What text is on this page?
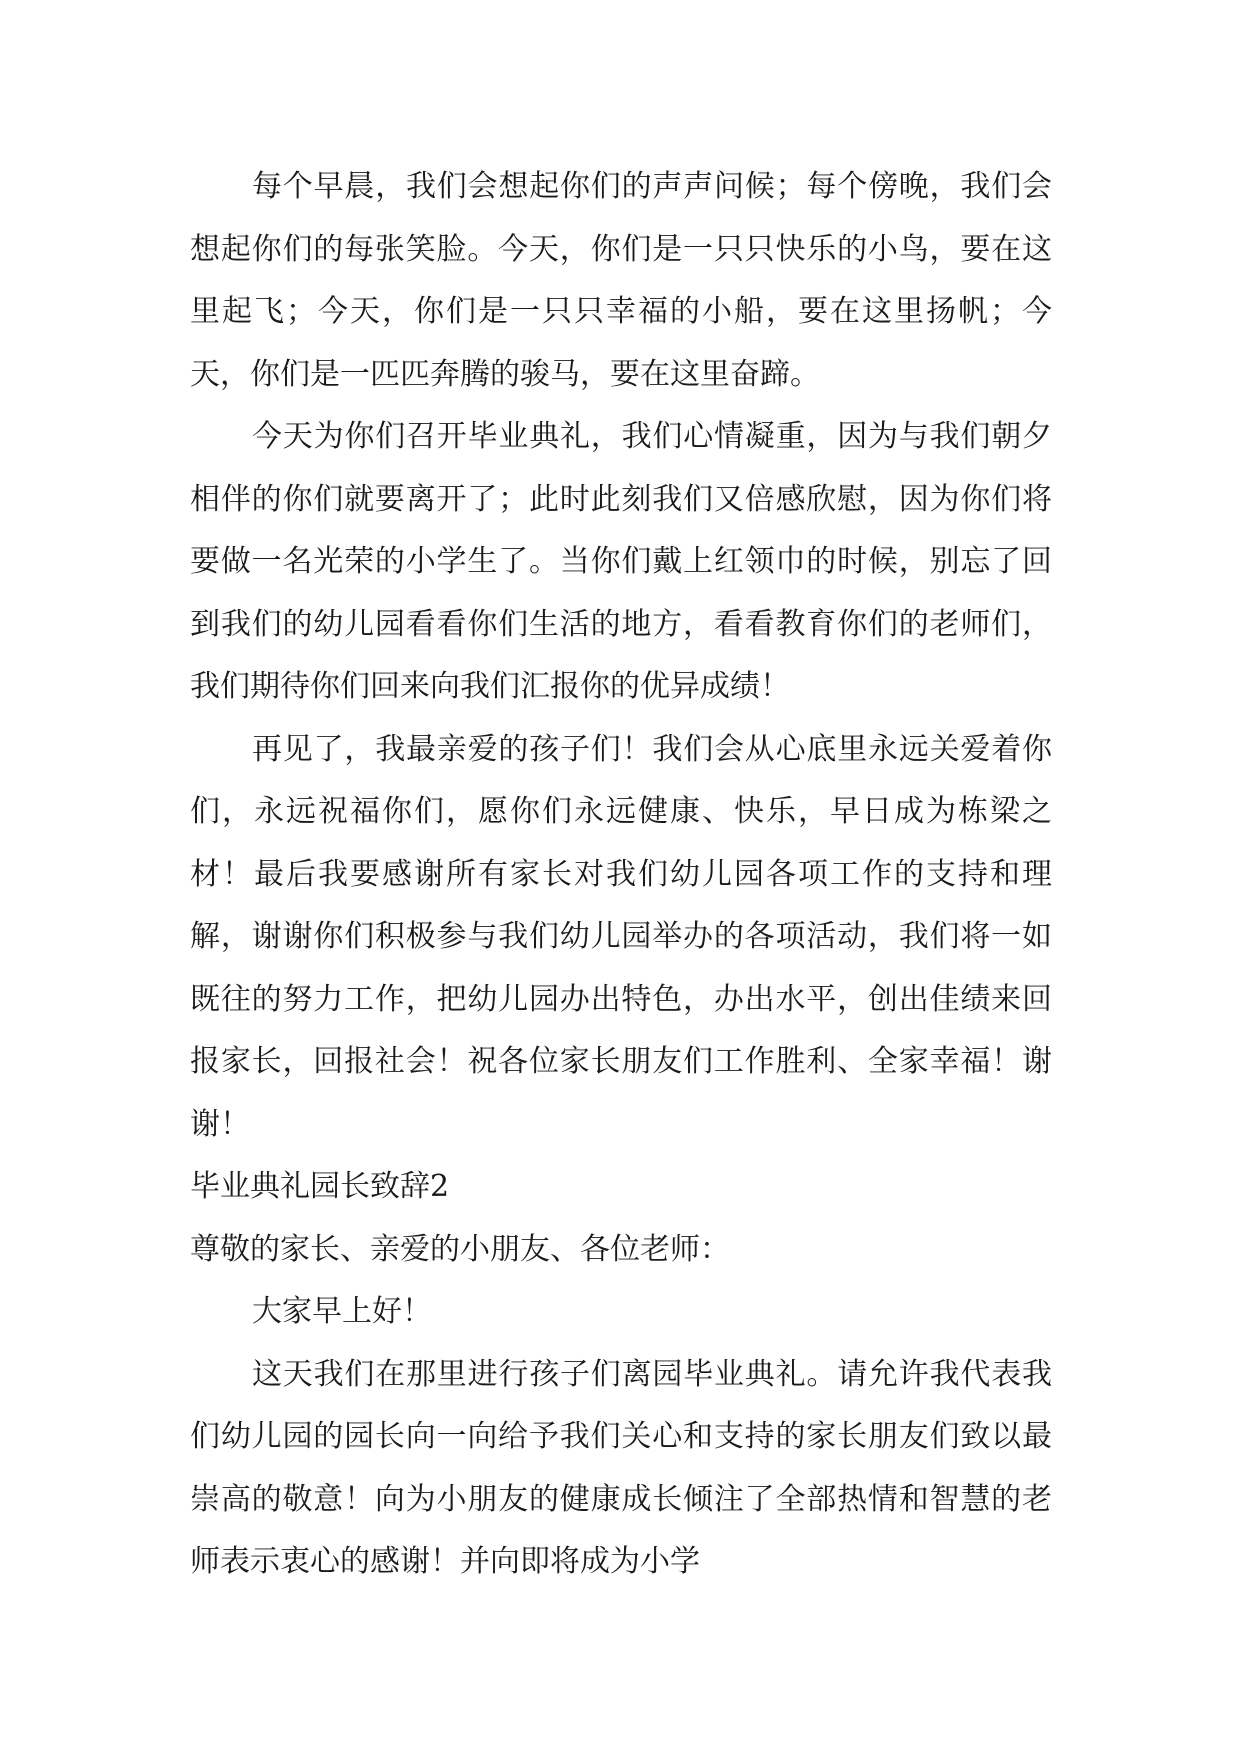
每个早晨，我们会想起你们的声声问候；每个傍晚，我们会想起你们的每张笑脸。今天，你们是一只只快乐的小鸟，要在这里起飞；今天，你们是一只只幸福的小船，要在这里扬帆；今天，你们是一匹匹奔腾的骏马，要在这里奋蹄。

今天为你们召开毕业典礼，我们心情凝重，因为与我们朝夕相伴的你们就要离开了；此时此刻我们又倍感欣慰，因为你们将要做一名光荣的小学生了。当你们戴上红领巾的时候，别忘了回到我们的幼儿园看看你们生活的地方，看看教育你们的老师们，我们期待你们回来向我们汇报你的优异成绩！

再见了，我最亲爱的孩子们！我们会从心底里永远关爱着你们，永远祝福你们，愿你们永远健康、快乐，早日成为栋梁之材！最后我要感谢所有家长对我们幼儿园各项工作的支持和理解，谢谢你们积极参与我们幼儿园举办的各项活动，我们将一如既往的努力工作，把幼儿园办出特色，办出水平，创出佳绩来回报家长，回报社会！祝各位家长朋友们工作胜利、全家幸福！谢谢！

毕业典礼园长致辞2

尊敬的家长、亲爱的小朋友、各位老师：

大家早上好！

这天我们在那里进行孩子们离园毕业典礼。请允许我代表我们幼儿园的园长向一向给予我们关心和支持的家长朋友们致以最崇高的敬意！向为小朋友的健康成长倾注了全部热情和智慧的老师表示衷心的感谢！并向即将成为小学
